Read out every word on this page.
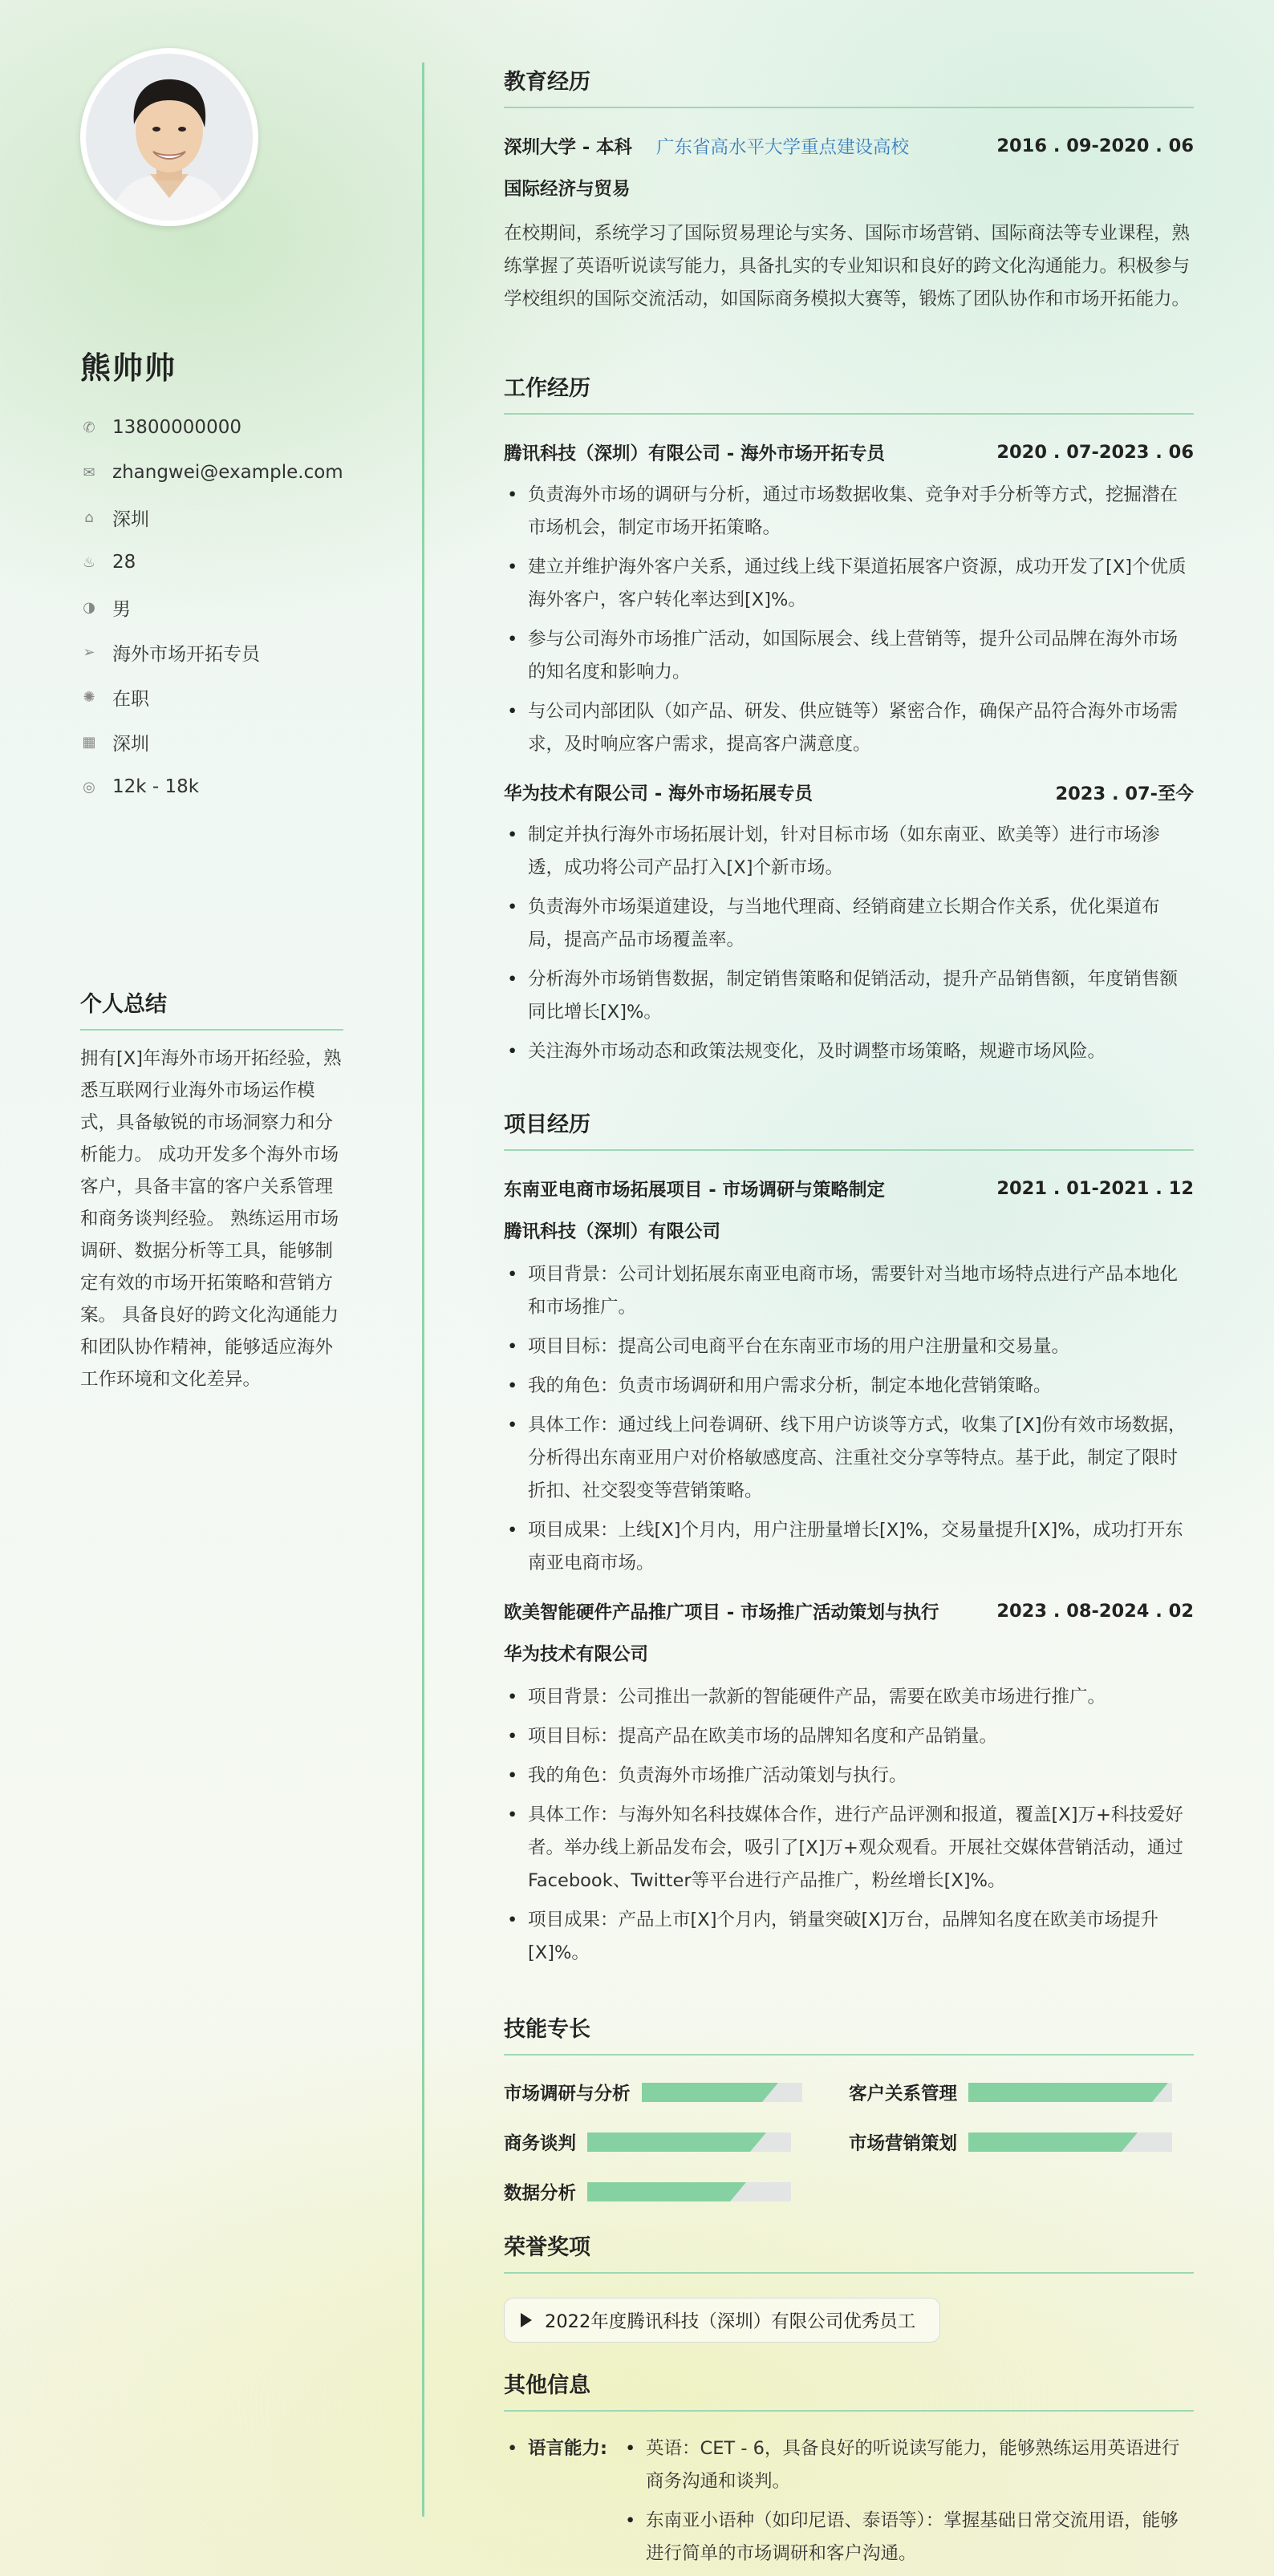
熊帅帅
✆ 13800000000
✉ zhangwei@example.com
⌂ 深圳
♨ 28
◑ 男
➢ 海外市场开拓专员
✺ 在职
▦ 深圳
◎ 12k - 18k
个人总结
拥有[X]年海外市场开拓经验，熟悉互联网行业海外市场运作模式，具备敏锐的市场洞察力和分析能力。 成功开发多个海外市场客户，具备丰富的客户关系管理和商务谈判经验。 熟练运用市场调研、数据分析等工具，能够制定有效的市场开拓策略和营销方案。 具备良好的跨文化沟通能力和团队协作精神，能够适应海外工作环境和文化差异。
教育经历
深圳大学 - 本科 广东省高水平大学重点建设高校	2016 . 09-2020 . 06
国际经济与贸易
在校期间，系统学习了国际贸易理论与实务、国际市场营销、国际商法等专业课程，熟练掌握了英语听说读写能力，具备扎实的专业知识和良好的跨文化沟通能力。积极参与学校组织的国际交流活动，如国际商务模拟大赛等，锻炼了团队协作和市场开拓能力。
工作经历
腾讯科技（深圳）有限公司 - 海外市场开拓专员	2020 . 07-2023 . 06
• 负责海外市场的调研与分析，通过市场数据收集、竞争对手分析等方式，挖掘潜在市场机会，制定市场开拓策略。
• 建立并维护海外客户关系，通过线上线下渠道拓展客户资源，成功开发了[X]个优质海外客户，客户转化率达到[X]%。
• 参与公司海外市场推广活动，如国际展会、线上营销等，提升公司品牌在海外市场的知名度和影响力。
• 与公司内部团队（如产品、研发、供应链等）紧密合作，确保产品符合海外市场需求，及时响应客户需求，提高客户满意度。
华为技术有限公司 - 海外市场拓展专员	2023 . 07-至今
• 制定并执行海外市场拓展计划，针对目标市场（如东南亚、欧美等）进行市场渗透，成功将公司产品打入[X]个新市场。
• 负责海外市场渠道建设，与当地代理商、经销商建立长期合作关系，优化渠道布局，提高产品市场覆盖率。
• 分析海外市场销售数据，制定销售策略和促销活动，提升产品销售额，年度销售额同比增长[X]%。
• 关注海外市场动态和政策法规变化，及时调整市场策略，规避市场风险。
项目经历
东南亚电商市场拓展项目 - 市场调研与策略制定	2021 . 01-2021 . 12
腾讯科技（深圳）有限公司
• 项目背景：公司计划拓展东南亚电商市场，需要针对当地市场特点进行产品本地化和市场推广。
• 项目目标：提高公司电商平台在东南亚市场的用户注册量和交易量。
• 我的角色：负责市场调研和用户需求分析，制定本地化营销策略。
• 具体工作：通过线上问卷调研、线下用户访谈等方式，收集了[X]份有效市场数据，分析得出东南亚用户对价格敏感度高、注重社交分享等特点。基于此，制定了限时折扣、社交裂变等营销策略。
• 项目成果：上线[X]个月内，用户注册量增长[X]%，交易量提升[X]%，成功打开东南亚电商市场。
欧美智能硬件产品推广项目 - 市场推广活动策划与执行	2023 . 08-2024 . 02
华为技术有限公司
• 项目背景：公司推出一款新的智能硬件产品，需要在欧美市场进行推广。
• 项目目标：提高产品在欧美市场的品牌知名度和产品销量。
• 我的角色：负责海外市场推广活动策划与执行。
• 具体工作：与海外知名科技媒体合作，进行产品评测和报道，覆盖[X]万+科技爱好者。举办线上新品发布会，吸引了[X]万+观众观看。开展社交媒体营销活动，通过Facebook、Twitter等平台进行产品推广，粉丝增长[X]%。
• 项目成果：产品上市[X]个月内，销量突破[X]万台，品牌知名度在欧美市场提升[X]%。
技能专长
市场调研与分析	客户关系管理
商务谈判	市场营销策划
数据分析
荣誉奖项
2022年度腾讯科技（深圳）有限公司优秀员工
其他信息
• 语言能力:
•	英语：CET - 6，具备良好的听说读写能力，能够熟练运用英语进行商务沟通和谈判。
• 东南亚小语种（如印尼语、泰语等）：掌握基础日常交流用语，能够进行简单的市场调研和客户沟通。
